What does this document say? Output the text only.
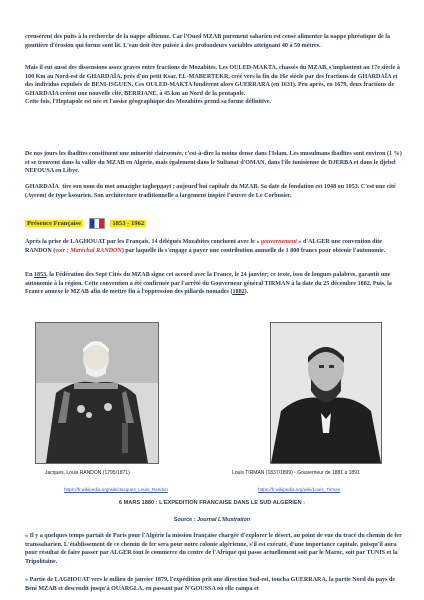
creusèrent des puits à la recherche de la nappe albienne. Car l'Oued MZAB purement saharien est censé alimenter la nappe phréatique de la gouttière d'érosion qui forme sont lit. L'eau doit être puisée à des profondeurs variables atteignant 40 à 50 mètres.

Mais il eut aussi des dissensions assez graves entre fractions de Mozabites. Les OULED-MAKTA, chassés du MZAB, s'implantent au 17e siècle à 100 Km au Nord-est de GHARDAÏA, près d'un petit Ksar, EL-MABERTEKR, créé vers la fin du 16e siècle par des fractions de GHARDAÏA et des individus expulsés de BENI-ISGUEN. Ces OULED-MAKTA fondèrent alors GUERRARA (en 1631). Peu après, en 1679, deux fractions de GHARDAÏA créent une nouvelle cité, BERRIANE, à 45 km au Nord de la pentapole.
Cette fois, l'Heptapole est née et l'assise géographique des Mozabites prend sa forme définitive.

De nos jours les ibadites constituent une minorité clairsemée, c'est-à-dire la moins dense dans l'Islam. Les musulmans ibadites sont environ (1 %) et se trouvent dans la vallée du MZAB en Algérie, mais également dans le Sultanat d'OMAN, dans l'île tunisienne de DJERBA et dans le djebel NEFOUSA en Libye.

GHARDAÏA tire son nom du mot amazighe taghердayt ; aujourd'hui capitale du MZAB. Sa date de fondation est 1048 ou 1053. C'est une cité (Ayrem) de type ksourien. Son architecture traditionnelle a largement inspiré l'œuvre de Le Corbusier.

Présence Française	1853 - 1962

Après la prise de LAGHOUAT par les Français, 14 délégués Mozabites concluent avec le « gouvernement » d'ALGER une convention dite RANDON (voir : Maréchal RANDON) par laquelle ils s'engage à payer une contribution annuelle de 1 800 francs pour obtenir l'autonomie.

En 1853, la Fédération des Sept Cités du MZAB signe cet accord avec la France, le 24 janvier; ce texte, issu de longues palabres, garantit une autonomie à la région. Cette convention a été confirmée par l'arrêté du Gouverneur général TIRMAN à la date du 25 décembre 1882. Puis, la France annexe le MZAB afin de mettre fin à l'oppression des pillards nomades (1882).

Jacques, Louis RANDON (1795/1871)	Louis TIRMAN (1837/1899) - Gouverneur de 1881 à 1891
https://fr.wikipedia.org/wiki/Jacques_Louis_Randon	https://fr.wikipedia.org/wiki/Louis_Tirman
6 MARS 1880 : L'EXPEDITION FRANCAISE DANS LE SUD ALGERIEN :
Source : Journal L'Illustration

« Il y a quelques temps partait de Paris pour l'Algérie la mission française chargée d'explorer le désert, au point de vue du tracé du chemin de fer transsaharien. L'établissement de ce chemin de fer sera pour notre colonie algérienne, s'il est exécuté, d'une importance capitale, puisqu'il aura pour résultat de faire passer par ALGER tout le commerce du centre de l'Afrique qui passe actuellement soit par le Maroc, soit par TUNIS et la Tripolitaine.

« Partie de LAGHOUAT vers le milieu de janvier 1879, l'expédition prit une direction Sud-est, toucha GUERRARA, la partie Nord du pays de Béni MZAB et descendit jusqu'à OUARGLA, en passant par N'GOUSSA où elle campa et
